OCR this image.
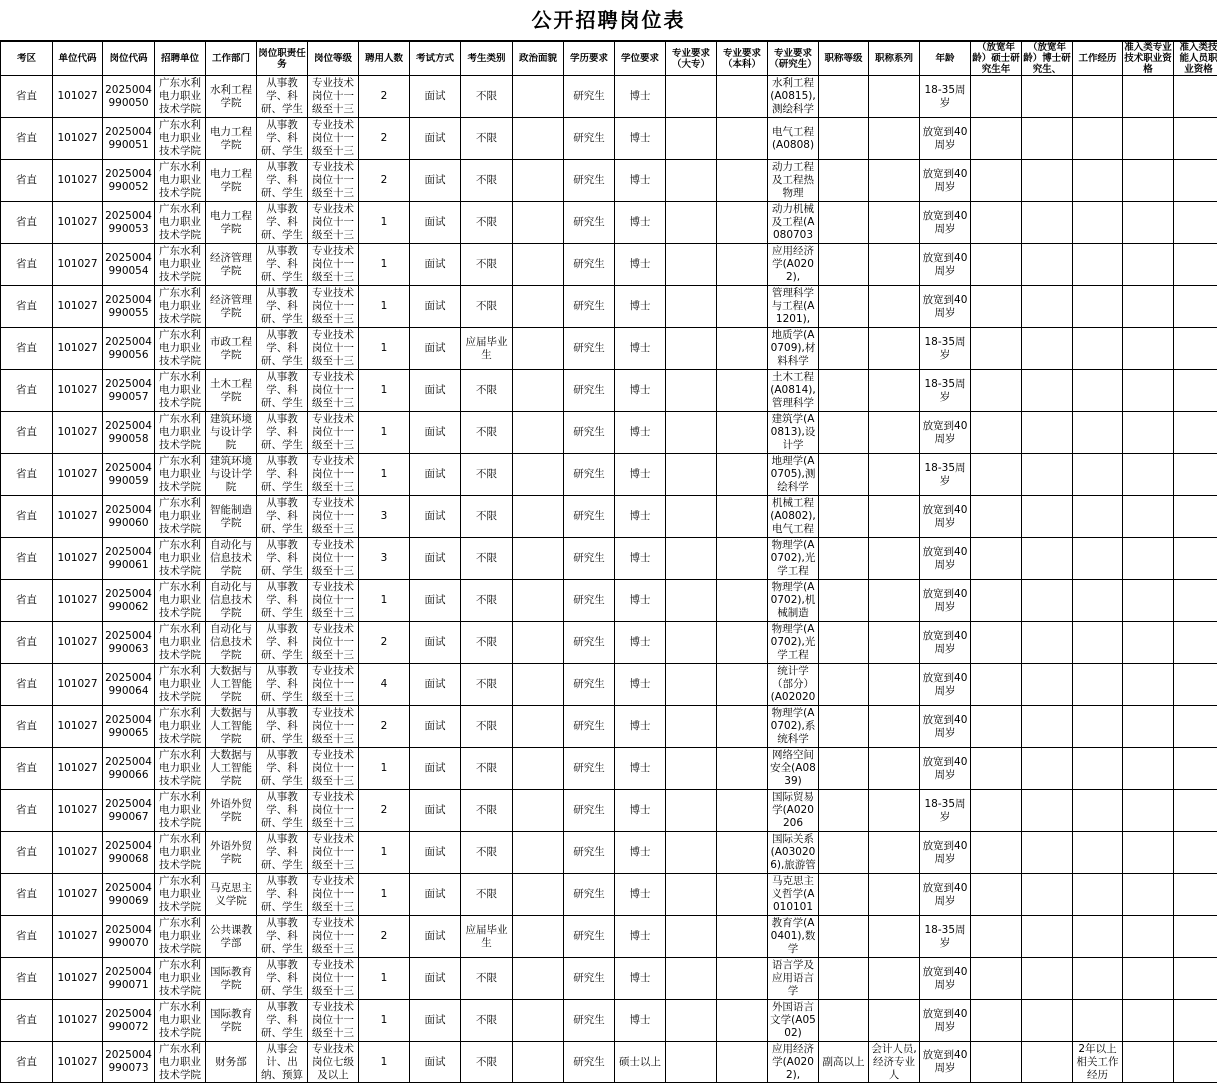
公开招聘岗位表
考区	单位代码	岗位代码	招聘单位	工作部门	岗位职责任务	岗位等级	聘用人数	考试方式	考生类别	政治面貌	学历要求	学位要求	专业要求（大专）	专业要求（本科）	专业要求（研究生）	职称等级	职称系列	年龄	（放宽年龄）硕士研究生年	（放宽年龄）博士研究生、	工作经历	准入类专业技术职业资格	准入类技能人员职业资格

省直	101027	2025004990050	广东水利电力职业技术学院	水利工程学院	从事教学、科研、学生	专业技术岗位十一级至十三	2	面试	不限		研究生	博士			水利工程(A0815),测绘科学			18-35周岁					

省直	101027	2025004990051	广东水利电力职业技术学院	电力工程学院	从事教学、科研、学生	专业技术岗位十一级至十三	2	面试	不限		研究生	博士			电气工程(A0808)			放宽到40周岁					

省直	101027	2025004990052	广东水利电力职业技术学院	电力工程学院	从事教学、科研、学生	专业技术岗位十一级至十三	2	面试	不限		研究生	博士			动力工程及工程热物理			放宽到40周岁					

省直	101027	2025004990053	广东水利电力职业技术学院	电力工程学院	从事教学、科研、学生	专业技术岗位十一级至十三	1	面试	不限		研究生	博士			动力机械及工程(A080703			放宽到40周岁					

省直	101027	2025004990054	广东水利电力职业技术学院	经济管理学院	从事教学、科研、学生	专业技术岗位十一级至十三	1	面试	不限		研究生	博士			应用经济学(A0202),			放宽到40周岁					

省直	101027	2025004990055	广东水利电力职业技术学院	经济管理学院	从事教学、科研、学生	专业技术岗位十一级至十三	1	面试	不限		研究生	博士			管理科学与工程(A1201),			放宽到40周岁					

省直	101027	2025004990056	广东水利电力职业技术学院	市政工程学院	从事教学、科研、学生	专业技术岗位十一级至十三	1	面试	应届毕业生		研究生	博士			地质学(A0709),材料科学			18-35周岁					

省直	101027	2025004990057	广东水利电力职业技术学院	土木工程学院	从事教学、科研、学生	专业技术岗位十一级至十三	1	面试	不限		研究生	博士			土木工程(A0814),管理科学			18-35周岁					

省直	101027	2025004990058	广东水利电力职业技术学院	建筑环境与设计学院	从事教学、科研、学生	专业技术岗位十一级至十三	1	面试	不限		研究生	博士			建筑学(A0813),设计学			放宽到40周岁					

省直	101027	2025004990059	广东水利电力职业技术学院	建筑环境与设计学院	从事教学、科研、学生	专业技术岗位十一级至十三	1	面试	不限		研究生	博士			地理学(A0705),测绘科学			18-35周岁					

省直	101027	2025004990060	广东水利电力职业技术学院	智能制造学院	从事教学、科研、学生	专业技术岗位十一级至十三	3	面试	不限		研究生	博士			机械工程(A0802),电气工程			放宽到40周岁					

省直	101027	2025004990061	广东水利电力职业技术学院	自动化与信息技术学院	从事教学、科研、学生	专业技术岗位十一级至十三	3	面试	不限		研究生	博士			物理学(A0702),光学工程			放宽到40周岁					

省直	101027	2025004990062	广东水利电力职业技术学院	自动化与信息技术学院	从事教学、科研、学生	专业技术岗位十一级至十三	1	面试	不限		研究生	博士			物理学(A0702),机械制造			放宽到40周岁					

省直	101027	2025004990063	广东水利电力职业技术学院	自动化与信息技术学院	从事教学、科研、学生	专业技术岗位十一级至十三	2	面试	不限		研究生	博士			物理学(A0702),光学工程			放宽到40周岁					

省直	101027	2025004990064	广东水利电力职业技术学院	大数据与人工智能学院	从事教学、科研、学生	专业技术岗位十一级至十三	4	面试	不限		研究生	博士			统计学（部分）(A02020			放宽到40周岁					

省直	101027	2025004990065	广东水利电力职业技术学院	大数据与人工智能学院	从事教学、科研、学生	专业技术岗位十一级至十三	2	面试	不限		研究生	博士			物理学(A0702),系统科学			放宽到40周岁					

省直	101027	2025004990066	广东水利电力职业技术学院	大数据与人工智能学院	从事教学、科研、学生	专业技术岗位十一级至十三	1	面试	不限		研究生	博士			网络空间安全(A0839)			放宽到40周岁					

省直	101027	2025004990067	广东水利电力职业技术学院	外语外贸学院	从事教学、科研、学生	专业技术岗位十一级至十三	2	面试	不限		研究生	博士			国际贸易学(A020206			18-35周岁					

省直	101027	2025004990068	广东水利电力职业技术学院	外语外贸学院	从事教学、科研、学生	专业技术岗位十一级至十三	1	面试	不限		研究生	博士			国际关系(A030206),旅游管			放宽到40周岁					

省直	101027	2025004990069	广东水利电力职业技术学院	马克思主义学院	从事教学、科研、学生	专业技术岗位十一级至十三	1	面试	不限		研究生	博士			马克思主义哲学(A010101			放宽到40周岁					

省直	101027	2025004990070	广东水利电力职业技术学院	公共课教学部	从事教学、科研、学生	专业技术岗位十一级至十三	2	面试	应届毕业生		研究生	博士			教育学(A0401),数学			18-35周岁					

省直	101027	2025004990071	广东水利电力职业技术学院	国际教育学院	从事教学、科研、学生	专业技术岗位十一级至十三	1	面试	不限		研究生	博士			语言学及应用语言学			放宽到40周岁					

省直	101027	2025004990072	广东水利电力职业技术学院	国际教育学院	从事教学、科研、学生	专业技术岗位十一级至十三	1	面试	不限		研究生	博士			外国语言文学(A0502)			放宽到40周岁					

省直	101027	2025004990073	广东水利电力职业技术学院	财务部	从事会计、出纳、预算	专业技术岗位七级及以上	1	面试	不限		研究生	硕士以上			应用经济学(A0202),	副高以上	会计人员,经济专业人	放宽到40周岁			2年以上相关工作经历		
